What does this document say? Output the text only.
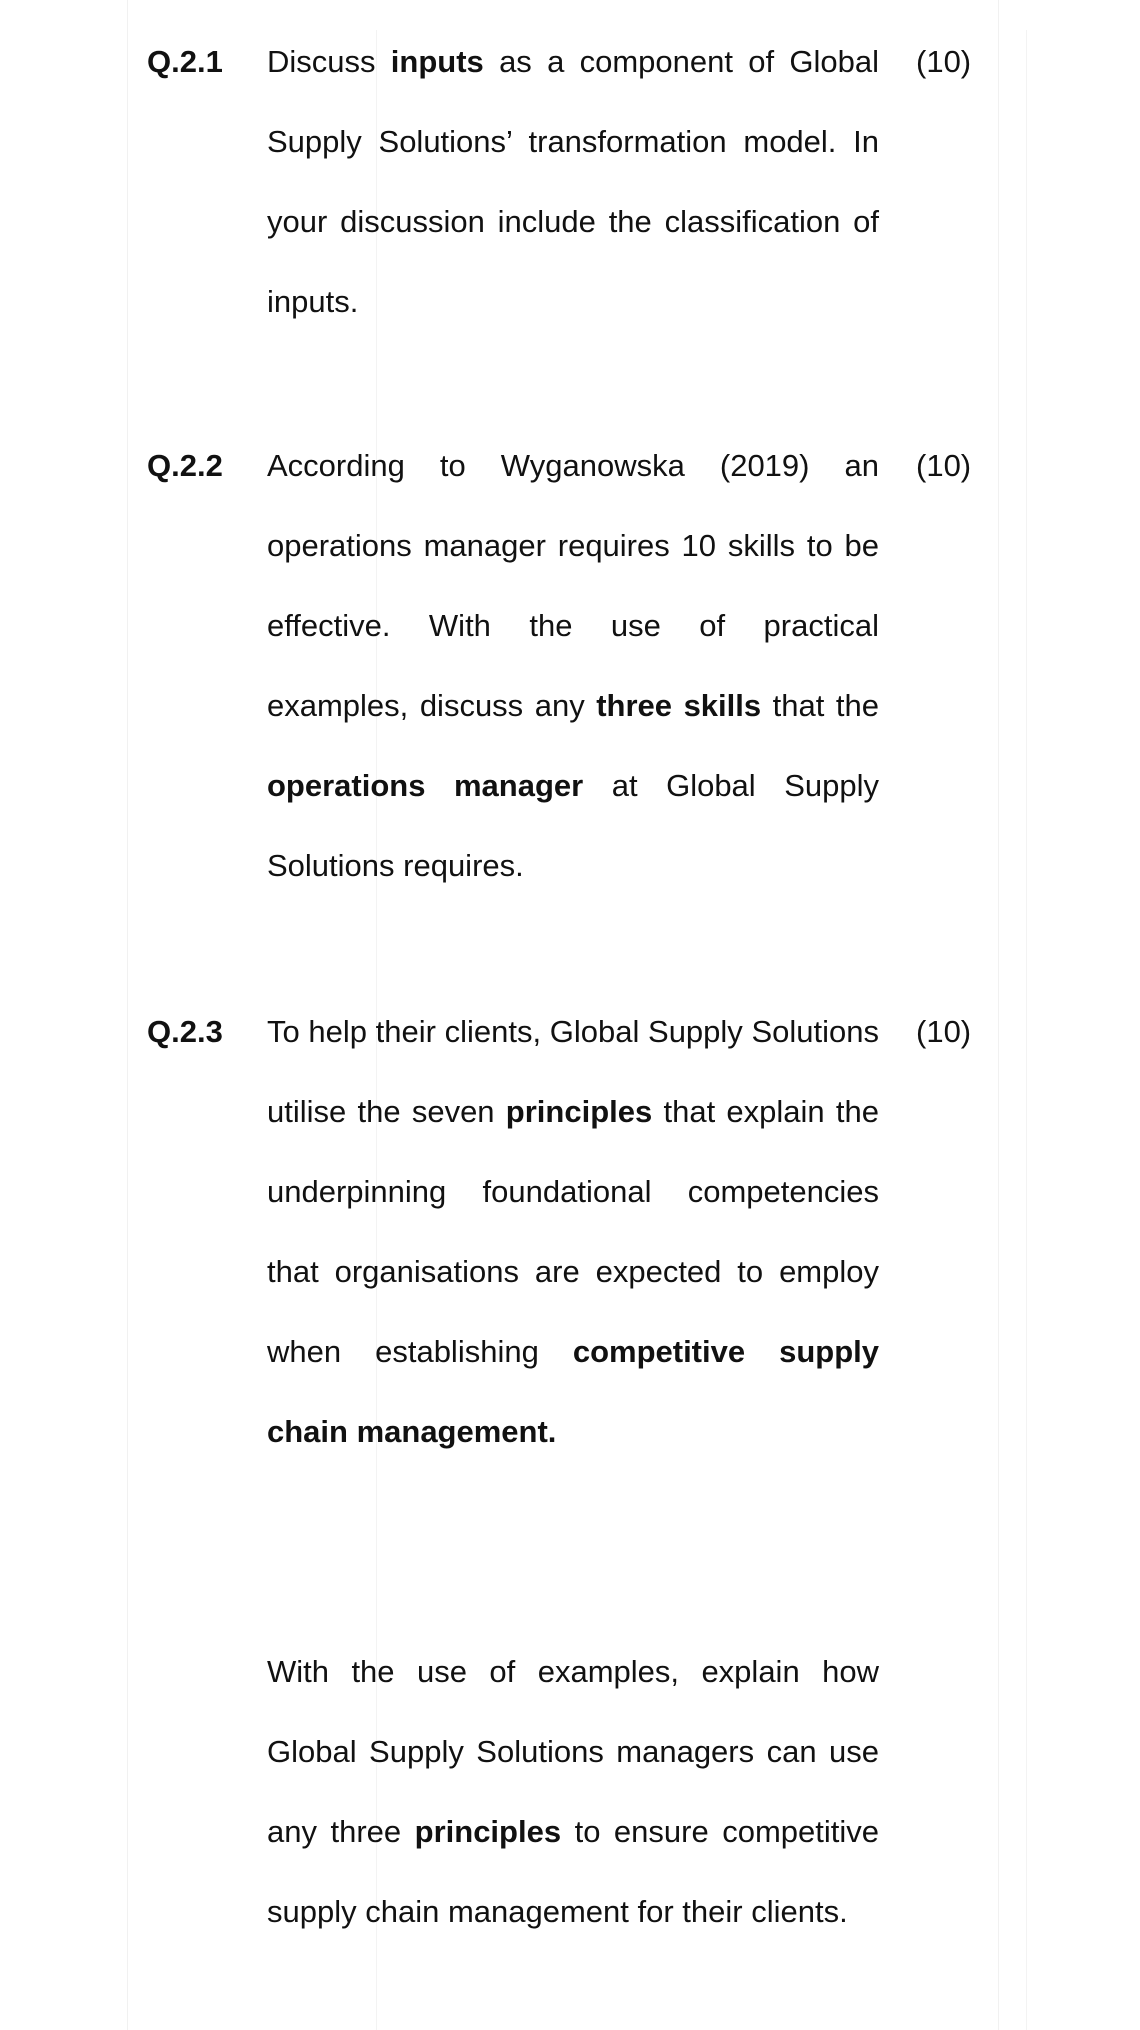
Q.2.1 Discuss inputs as a component of Global Supply Solutions’ transformation model. In your discussion include the classification of inputs.

(10)

Q.2.2 According to Wyganowska (2019) an operations manager requires 10 skills to be effective. With the use of practical examples, discuss any three skills that the operations manager at Global Supply Solutions requires.

(10)

Q.2.3 To help their clients, Global Supply Solutions utilise the seven principles that explain the underpinning foundational competencies that organisations are expected to employ when establishing competitive supply chain management.

(10)

With the use of examples, explain how Global Supply Solutions managers can use any three principles to ensure competitive supply chain management for their clients.
